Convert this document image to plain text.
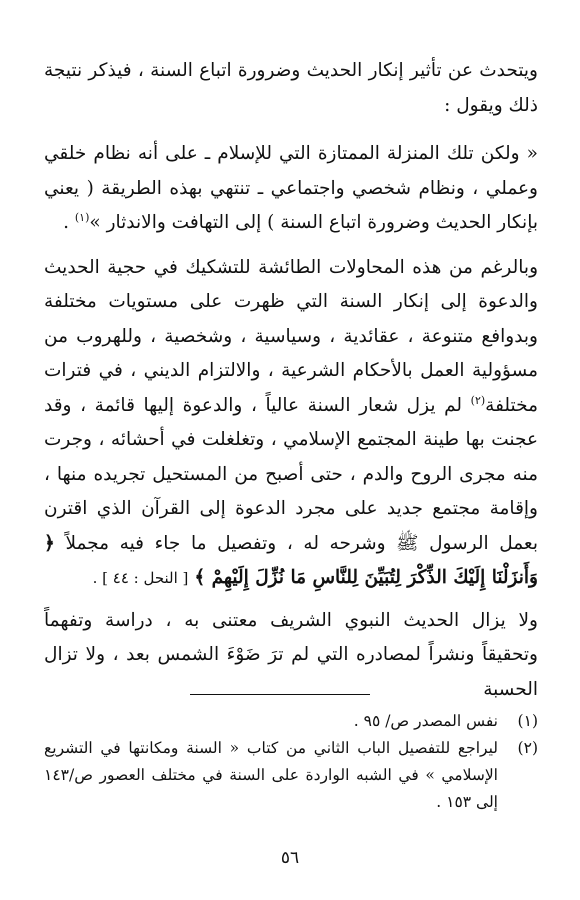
ويتحدث عن تأثير إنكار الحديث وضرورة اتباع السنة ، فيذكر نتيجة ذلك ويقول :

« ولكن تلك المنزلة الممتازة التي للإسلام ـ على أنه نظام خلقي وعملي ، ونظام شخصي واجتماعي ـ تنتهي بهذه الطريقة ( يعني بإنكار الحديث وضرورة اتباع السنة ) إلى التهافت والاندثار »$^{(١)}$ .

وبالرغم من هذه المحاولات الطائشة للتشكيك في حجية الحديث والدعوة إلى إنكار السنة التي ظهرت على مستويات مختلفة وبدوافع متنوعة ، عقائدية ، وسياسية ، وشخصية ، وللهروب من مسؤولية العمل بالأحكام الشرعية ، والالتزام الديني ، في فترات مختلفة$^{(٢)}$ لم يزل شعار السنة عالياً ، والدعوة إليها قائمة ، وقد عجنت بها طينة المجتمع الإسلامي ، وتغلغلت في أحشائه ، وجرت منه مجرى الروح والدم ، حتى أصبح من المستحيل تجريده منها ، وإقامة مجتمع جديد على مجرد الدعوة إلى القرآن الذي اقترن بعمل الرسول ﷺ وشرحه له ، وتفصيل ما جاء فيه مجملاً ﴿ وَأَنزَلْنَا إِلَيْكَ الذِّكْرَ لِتُبَيِّنَ لِلنَّاسِ مَا نُزِّلَ إِلَيْهِمْ ﴾ [ النحل : ٤٤ ] .

ولا يزال الحديث النبوي الشريف معتنى به ، دراسة وتفهماً وتحقيقاً ونشراً لمصادره التي لم ترَ ضَوْءَ الشمس بعد ، ولا تزال الحسبة

(١)
نفس المصدر ص/ ٩٥ .
(٢)
ليراجع للتفصيل الباب الثاني من كتاب « السنة ومكانتها في التشريع الإسلامي » في الشبه الواردة على السنة في مختلف العصور ص/١٤٣ إلى ١٥٣ .
٥٦
